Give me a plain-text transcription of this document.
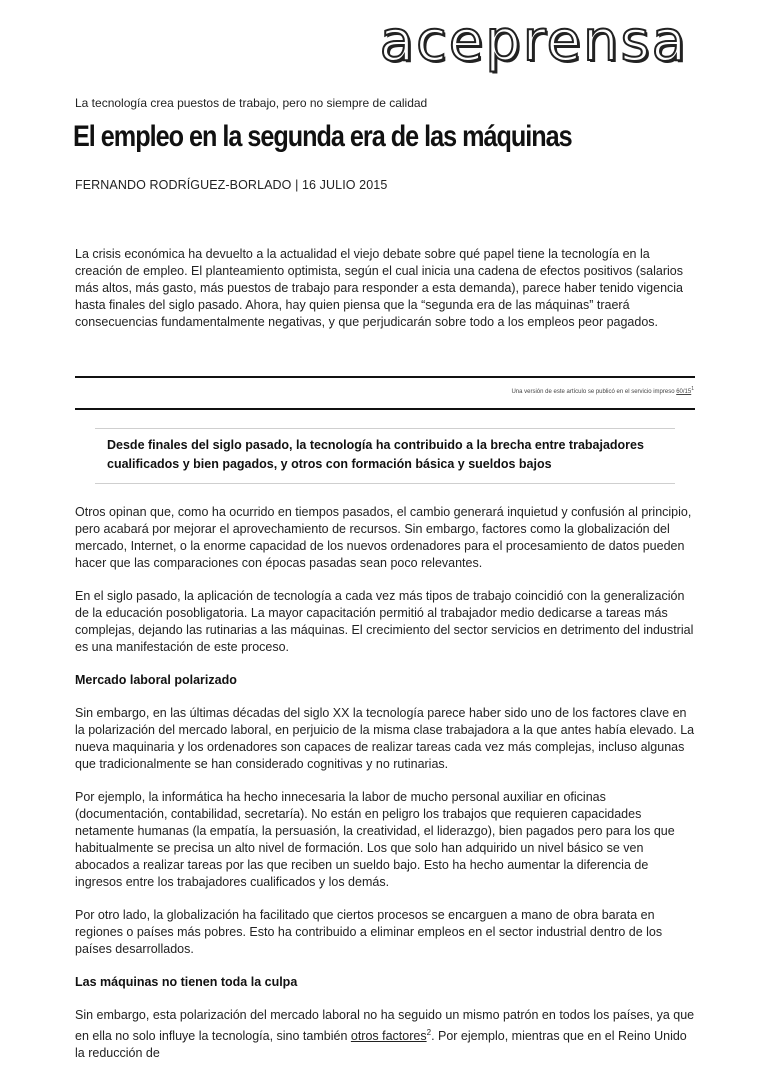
aceprensa
La tecnología crea puestos de trabajo, pero no siempre de calidad
El empleo en la segunda era de las máquinas
FERNANDO RODRÍGUEZ-BORLADO | 16 JULIO 2015

La crisis económica ha devuelto a la actualidad el viejo debate sobre qué papel tiene la tecnología en la creación de empleo. El planteamiento optimista, según el cual inicia una cadena de efectos positivos (salarios más altos, más gasto, más puestos de trabajo para responder a esta demanda), parece haber tenido vigencia hasta finales del siglo pasado. Ahora, hay quien piensa que la “segunda era de las máquinas” traerá consecuencias fundamentalmente negativas, y que perjudicarán sobre todo a los empleos peor pagados.

Una versión de este artículo se publicó en el servicio impreso $60/15^1$

Desde finales del siglo pasado, la tecnología ha contribuido a la brecha entre trabajadores cualificados y bien pagados, y otros con formación básica y sueldos bajos

Otros opinan que, como ha ocurrido en tiempos pasados, el cambio generará inquietud y confusión al principio, pero acabará por mejorar el aprovechamiento de recursos. Sin embargo, factores como la globalización del mercado, Internet, o la enorme capacidad de los nuevos ordenadores para el procesamiento de datos pueden hacer que las comparaciones con épocas pasadas sean poco relevantes.

En el siglo pasado, la aplicación de tecnología a cada vez más tipos de trabajo coincidió con la generalización de la educación posobligatoria. La mayor capacitación permitió al trabajador medio dedicarse a tareas más complejas, dejando las rutinarias a las máquinas. El crecimiento del sector servicios en detrimento del industrial es una manifestación de este proceso.

Mercado laboral polarizado

Sin embargo, en las últimas décadas del siglo XX la tecnología parece haber sido uno de los factores clave en la polarización del mercado laboral, en perjuicio de la misma clase trabajadora a la que antes había elevado. La nueva maquinaria y los ordenadores son capaces de realizar tareas cada vez más complejas, incluso algunas que tradicionalmente se han considerado cognitivas y no rutinarias.

Por ejemplo, la informática ha hecho innecesaria la labor de mucho personal auxiliar en oficinas (documentación, contabilidad, secretaría). No están en peligro los trabajos que requieren capacidades netamente humanas (la empatía, la persuasión, la creatividad, el liderazgo), bien pagados pero para los que habitualmente se precisa un alto nivel de formación. Los que solo han adquirido un nivel básico se ven abocados a realizar tareas por las que reciben un sueldo bajo. Esto ha hecho aumentar la diferencia de ingresos entre los trabajadores cualificados y los demás.

Por otro lado, la globalización ha facilitado que ciertos procesos se encarguen a mano de obra barata en regiones o países más pobres. Esto ha contribuido a eliminar empleos en el sector industrial dentro de los países desarrollados.

Las máquinas no tienen toda la culpa

Sin embargo, esta polarización del mercado laboral no ha seguido un mismo patrón en todos los países, ya que en ella no solo influye la tecnología, sino también otros factores$^2$. Por ejemplo, mientras que en el Reino Unido la reducción de
